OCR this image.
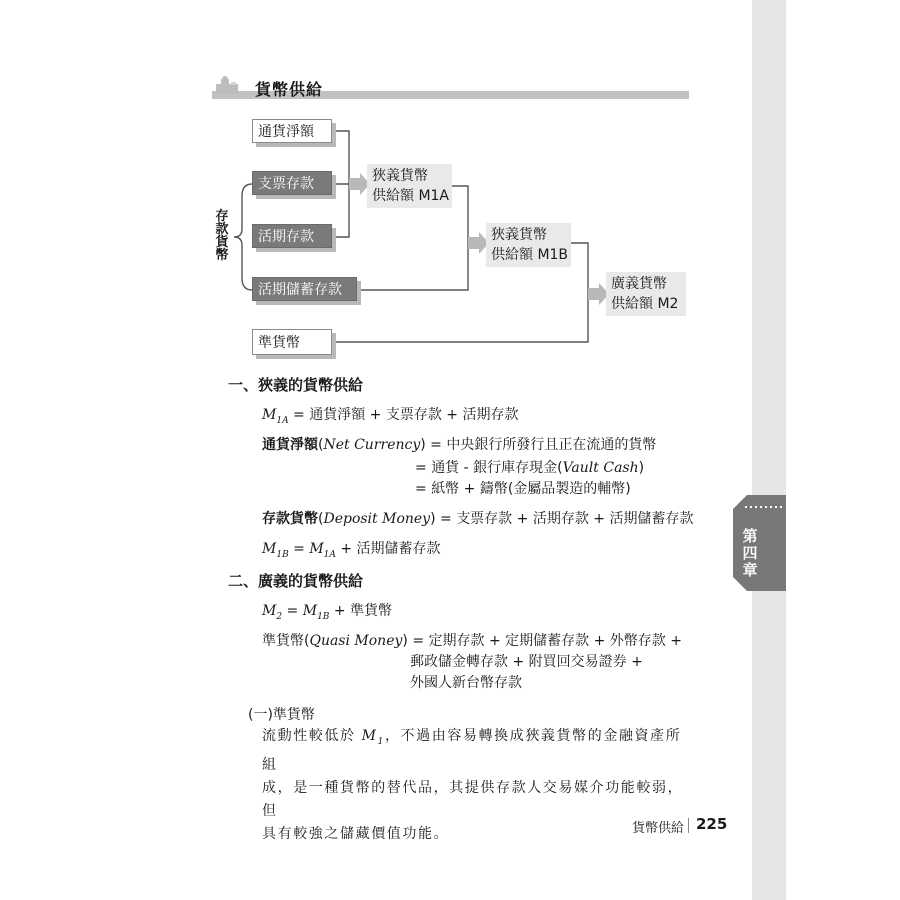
貨幣供給
存款貨幣
通貨淨額
支票存款
活期存款
活期儲蓄存款
準貨幣
狹義貨幣
供給額 M1A
狹義貨幣
供給額 M1B
廣義貨幣
供給額 M2
一、狹義的貨幣供給
$M_{1A}$ = 通貨淨額 + 支票存款 + 活期存款
通貨淨額(Net Currency) = 中央銀行所發行且正在流通的貨幣
= 通貨 - 銀行庫存現金(Vault Cash)
= 紙幣 + 鑄幣(金屬品製造的輔幣)
存款貨幣(Deposit Money) = 支票存款 + 活期存款 + 活期儲蓄存款
$M_{1B} = M_{1A}$ + 活期儲蓄存款
二、廣義的貨幣供給
$M_2 = M_{1B}$ + 準貨幣
準貨幣(Quasi Money) = 定期存款 + 定期儲蓄存款 + 外幣存款 +
郵政儲金轉存款 + 附買回交易證券 +
外國人新台幣存款
(一)準貨幣
流動性較低於 $M_1$，不過由容易轉換成狹義貨幣的金融資產所組
成，是一種貨幣的替代品，其提供存款人交易媒介功能較弱，但
具有較強之儲藏價值功能。
第四章
貨幣供給 225
